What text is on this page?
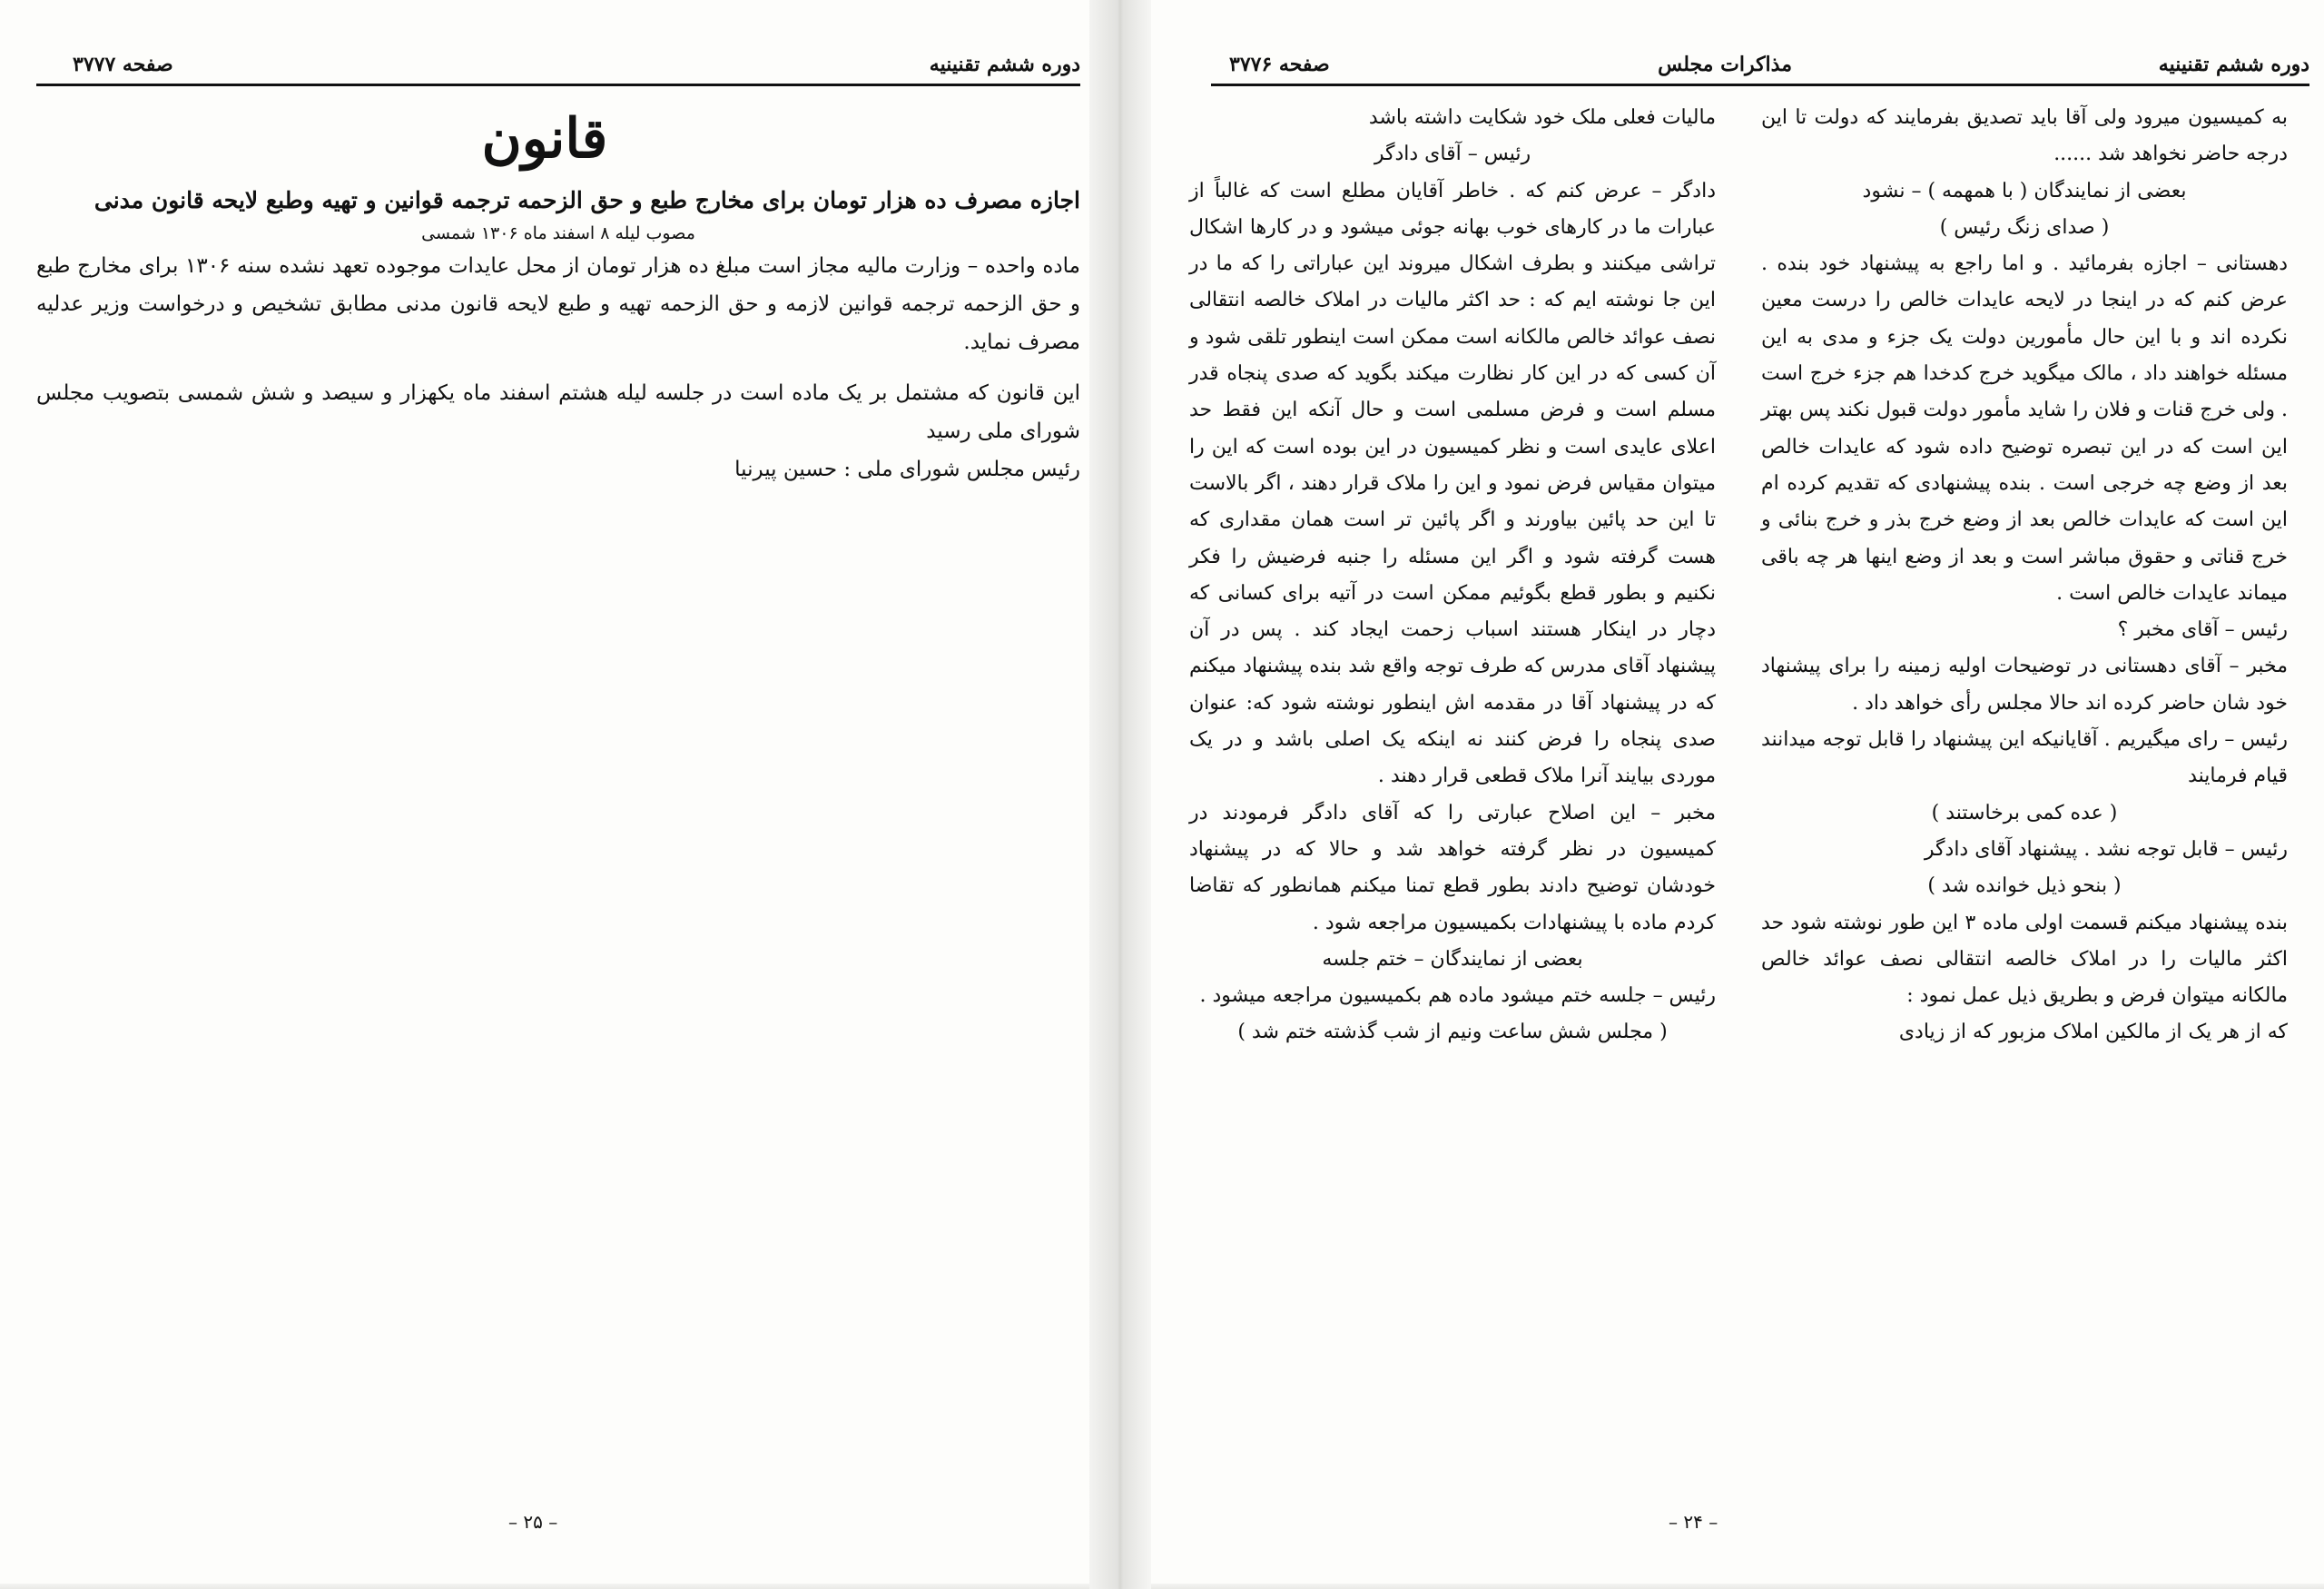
دوره ششم تقنینیه
صفحه ۳۷۷۷
قانون

اجازه مصرف ده هزار تومان برای مخارج طبع و حق الزحمه ترجمه قوانین و تهیه وطبع لایحه قانون مدنی

مصوب لیله ۸ اسفند ماه ۱۳۰۶ شمسی

ماده واحده – وزارت مالیه مجاز است مبلغ ده هزار تومان از محل عایدات موجوده تعهد نشده سنه ۱۳۰۶ برای مخارج طبع و حق الزحمه ترجمه قوانین لازمه و حق الزحمه تهیه و طبع لایحه قانون مدنی مطابق تشخیص و درخواست وزیر عدلیه مصرف نماید.

این قانون که مشتمل بر یک ماده است در جلسه لیله هشتم اسفند ماه یکهزار و سیصد و شش شمسی بتصویب مجلس شورای ملی رسید

رئیس مجلس شورای ملی : حسین پیرنیا
– ۲۵ –
دوره ششم تقنینیه
مذاکرات مجلس
صفحه ۳۷۷۶

به کمیسیون میرود ولی آقا باید تصدیق بفرمایند که دولت تا این درجه حاضر نخواهد شد ......

بعضی از نمایندگان ( با همهمه ) – نشود

( صدای زنگ رئیس )

دهستانی – اجازه بفرمائید . و اما راجع به پیشنهاد خود بنده . عرض کنم که در اینجا در لایحه عایدات خالص را درست معین نکرده اند و با این حال مأمورین دولت یک جزء و مدی به این مسئله خواهند داد ، مالک میگوید خرج کدخدا هم جزء خرج است . ولی خرج قنات و فلان را شاید مأمور دولت قبول نکند پس بهتر این است که در این تبصره توضیح داده شود که عایدات خالص بعد از وضع چه خرجی است . بنده پیشنهادی که تقدیم کرده ام این است که عایدات خالص بعد از وضع خرج بذر و خرج بنائی و خرج قناتی و حقوق مباشر است و بعد از وضع اینها هر چه باقی میماند عایدات خالص است .

رئیس – آقای مخبر ؟

مخبر – آقای دهستانی در توضیحات اولیه زمینه را برای پیشنهاد خود شان حاضر کرده اند حالا مجلس رأی خواهد داد .

رئیس – رای میگیریم . آقایانیکه این پیشنهاد را قابل توجه میدانند قیام فرمایند

( عده کمی برخاستند )

رئیس – قابل توجه نشد . پیشنهاد آقای دادگر

( بنحو ذیل خوانده شد )

بنده پیشنهاد میکنم قسمت اولی ماده ۳ این طور نوشته شود حد اکثر مالیات را در املاک خالصه انتقالی نصف عوائد خالص مالکانه میتوان فرض و بطریق ذیل عمل نمود :

که از هر یک از مالکین املاک مزبور که از زیادی

مالیات فعلی ملک خود شکایت داشته باشد

رئیس – آقای دادگر

دادگر – عرض کنم که . خاطر آقایان مطلع است که غالباً از عبارات ما در کارهای خوب بهانه جوئی میشود و در کارها اشکال تراشی میکنند و بطرف اشکال میروند این عباراتی را که ما در این جا نوشته ایم که : حد اکثر مالیات در املاک خالصه انتقالی نصف عوائد خالص مالکانه است ممکن است اینطور تلقی شود و آن کسی که در این کار نظارت میکند بگوید که صدی پنجاه قدر مسلم است و فرض مسلمی است و حال آنکه این فقط حد اعلای عایدی است و نظر کمیسیون در این بوده است که این را میتوان مقیاس فرض نمود و این را ملاک قرار دهند ، اگر بالاست تا این حد پائین بیاورند و اگر پائین تر است همان مقداری که هست گرفته شود و اگر این مسئله را جنبه فرضیش را فکر نکنیم و بطور قطع بگوئیم ممکن است در آتیه برای کسانی که دچار در اینکار هستند اسباب زحمت ایجاد کند . پس در آن پیشنهاد آقای مدرس که طرف توجه واقع شد بنده پیشنهاد میکنم که در پیشنهاد آقا در مقدمه اش اینطور نوشته شود که: عنوان صدی پنجاه را فرض کنند نه اینکه یک اصلی باشد و در یک موردی بیایند آنرا ملاک قطعی قرار دهند .

مخبر – این اصلاح عبارتی را که آقای دادگر فرمودند در کمیسیون در نظر گرفته خواهد شد و حالا که در پیشنهاد خودشان توضیح دادند بطور قطع تمنا میکنم همانطور که تقاضا کردم ماده با پیشنهادات بکمیسیون مراجعه شود .

بعضی از نمایندگان – ختم جلسه

رئیس – جلسه ختم میشود ماده هم بکمیسیون مراجعه میشود .

( مجلس شش ساعت ونیم از شب گذشته ختم شد )

– ۲۴ –
